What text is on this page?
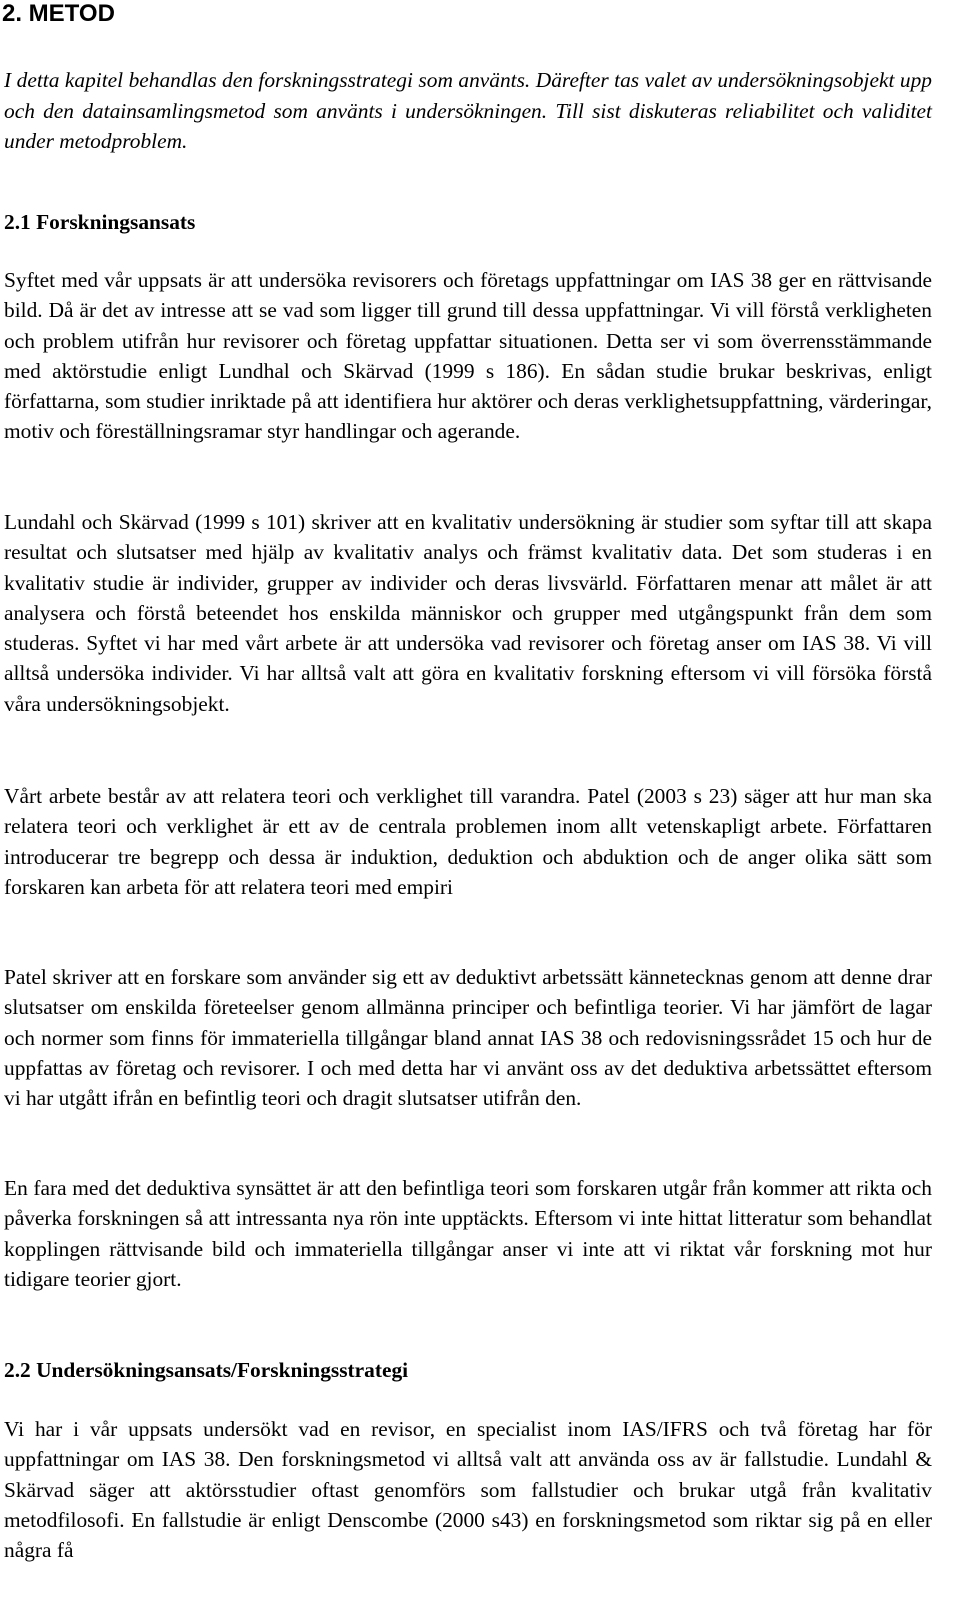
2. METOD

I detta kapitel behandlas den forskningsstrategi som använts. Därefter tas valet av undersökningsobjekt upp och den datainsamlingsmetod som använts i undersökningen. Till sist diskuteras reliabilitet och validitet under metodproblem.

2.1 Forskningsansats

Syftet med vår uppsats är att undersöka revisorers och företags uppfattningar om IAS 38 ger en rättvisande bild. Då är det av intresse att se vad som ligger till grund till dessa uppfattningar. Vi vill förstå verkligheten och problem utifrån hur revisorer och företag uppfattar situationen. Detta ser vi som överrensstämmande med aktörstudie enligt Lundhal och Skärvad (1999 s 186). En sådan studie brukar beskrivas, enligt författarna, som studier inriktade på att identifiera hur aktörer och deras verklighetsuppfattning, värderingar, motiv och föreställningsramar styr handlingar och agerande.

Lundahl och Skärvad (1999 s 101) skriver att en kvalitativ undersökning är studier som syftar till att skapa resultat och slutsatser med hjälp av kvalitativ analys och främst kvalitativ data. Det som studeras i en kvalitativ studie är individer, grupper av individer och deras livsvärld. Författaren menar att målet är att analysera och förstå beteendet hos enskilda människor och grupper med utgångspunkt från dem som studeras. Syftet vi har med vårt arbete är att undersöka vad revisorer och företag anser om IAS 38. Vi vill alltså undersöka individer. Vi har alltså valt att göra en kvalitativ forskning eftersom vi vill försöka förstå våra undersökningsobjekt.

Vårt arbete består av att relatera teori och verklighet till varandra. Patel (2003 s 23) säger att hur man ska relatera teori och verklighet är ett av de centrala problemen inom allt vetenskapligt arbete. Författaren introducerar tre begrepp och dessa är induktion, deduktion och abduktion och de anger olika sätt som forskaren kan arbeta för att relatera teori med empiri

Patel skriver att en forskare som använder sig ett av deduktivt arbetssätt kännetecknas genom att denne drar slutsatser om enskilda företeelser genom allmänna principer och befintliga teorier. Vi har jämfört de lagar och normer som finns för immateriella tillgångar bland annat IAS 38 och redovisningssrådet 15 och hur de uppfattas av företag och revisorer. I och med detta har vi använt oss av det deduktiva arbetssättet eftersom vi har utgått ifrån en befintlig teori och dragit slutsatser utifrån den.

En fara med det deduktiva synsättet är att den befintliga teori som forskaren utgår från kommer att rikta och påverka forskningen så att intressanta nya rön inte upptäckts. Eftersom vi inte hittat litteratur som behandlat kopplingen rättvisande bild och immateriella tillgångar anser vi inte att vi riktat vår forskning mot hur tidigare teorier gjort.

2.2 Undersökningsansats/Forskningsstrategi

Vi har i vår uppsats undersökt vad en revisor, en specialist inom IAS/IFRS och två företag har för uppfattningar om IAS 38. Den forskningsmetod vi alltså valt att använda oss av är fallstudie. Lundahl & Skärvad säger att aktörsstudier oftast genomförs som fallstudier och brukar utgå från kvalitativ metodfilosofi. En fallstudie är enligt Denscombe (2000 s43) en forskningsmetod som riktar sig på en eller några få
